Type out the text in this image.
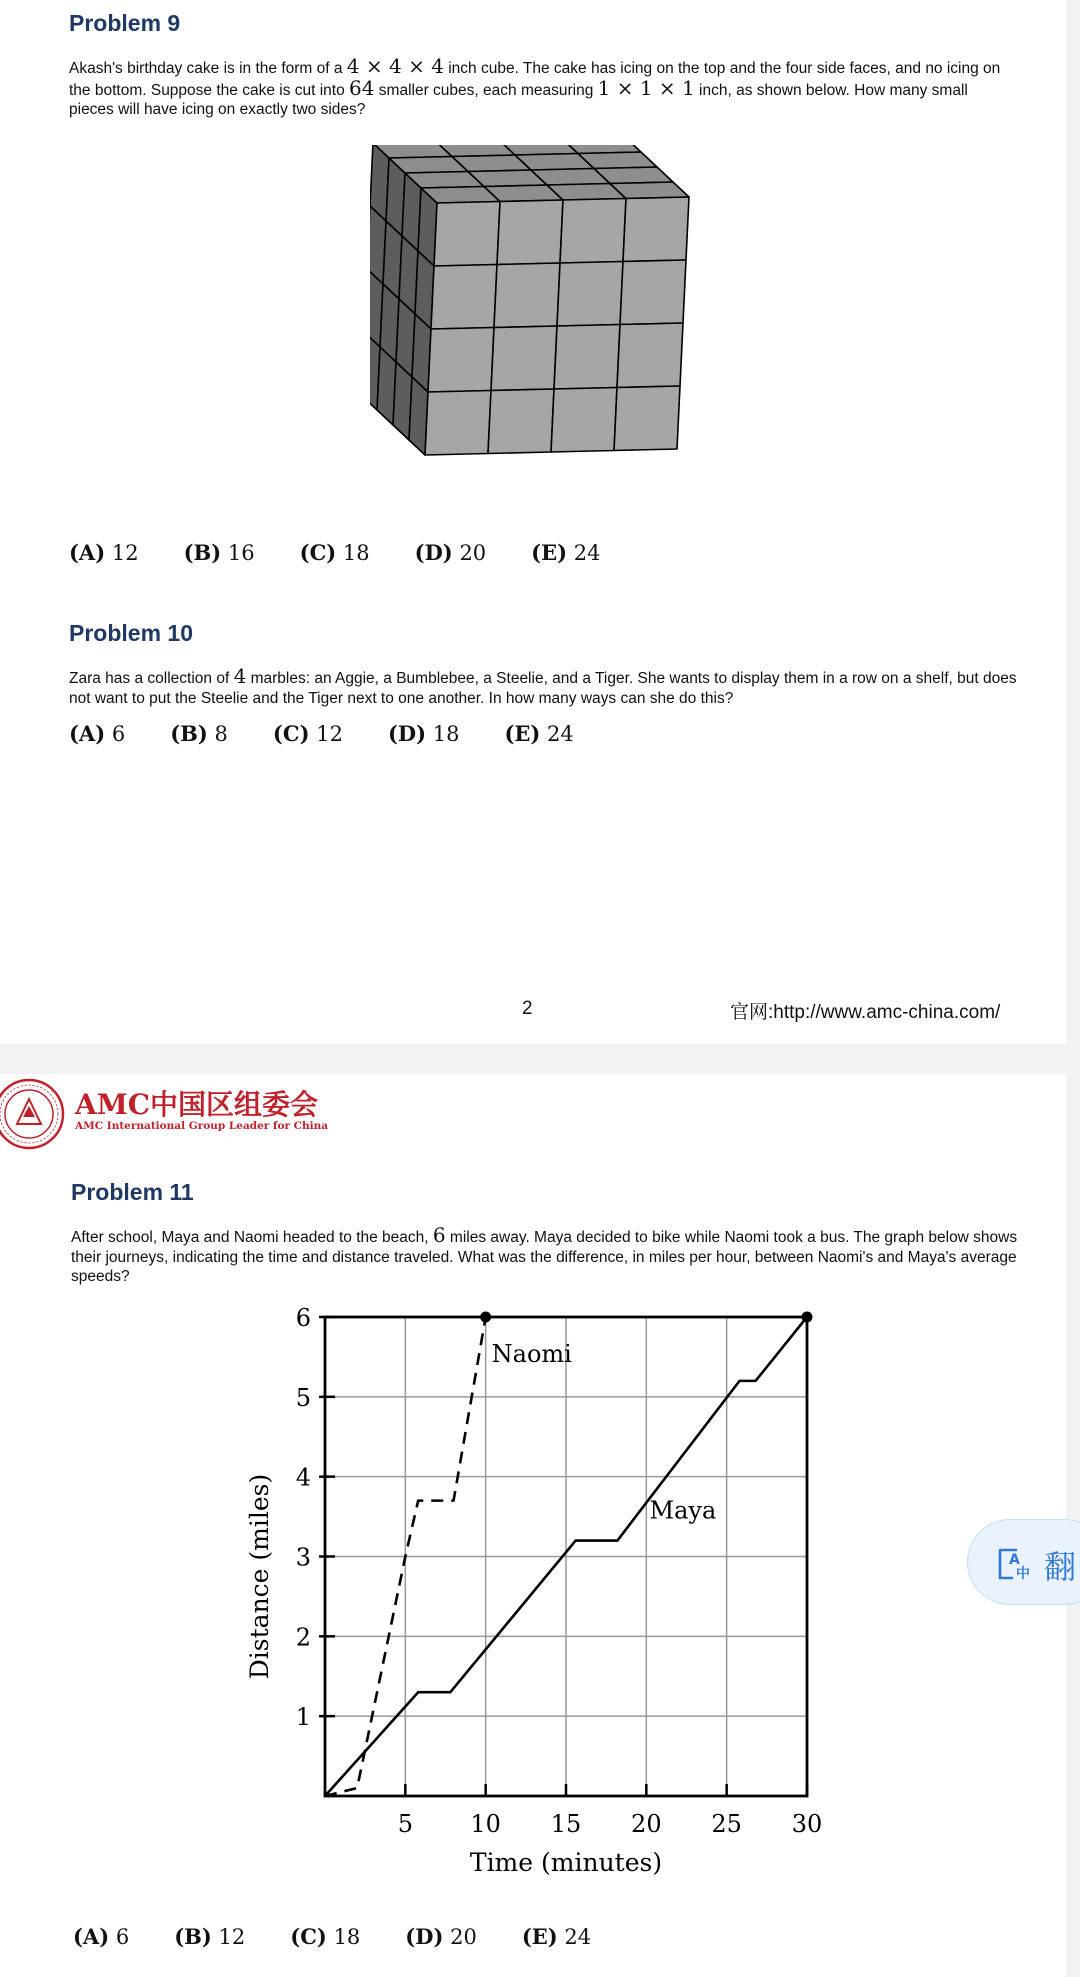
Problem 9
Akash's birthday cake is in the form of a 4 × 4 × 4 inch cube. The cake has icing on the top and the four side faces, and no icing on the bottom. Suppose the cake is cut into 64 smaller cubes, each measuring 1 × 1 × 1 inch, as shown below. How many small pieces will have icing on exactly two sides?
(A) 12 (B) 16 (C) 18 (D) 20 (E) 24
Problem 10
Zara has a collection of 4 marbles: an Aggie, a Bumblebee, a Steelie, and a Tiger. She wants to display them in a row on a shelf, but does not want to put the Steelie and the Tiger next to one another. In how many ways can she do this?
(A) 6 (B) 8 (C) 12 (D) 18 (E) 24
2	官网:http://www.amc-china.com/
AMC中国区组委会
AMC International Group Leader for China
Problem 11
After school, Maya and Naomi headed to the beach, 6 miles away. Maya decided to bike while Naomi took a bus. The graph below shows their journeys, indicating the time and distance traveled. What was the difference, in miles per hour, between Naomi's and Maya's average speeds?
5 10 15 20 25 30
1
2
3
4
5
6
Naomi
Maya
Time (minutes)
Distance (miles)
(A) 6 (B) 12 (C) 18 (D) 20 (E) 24
A
中 翻
